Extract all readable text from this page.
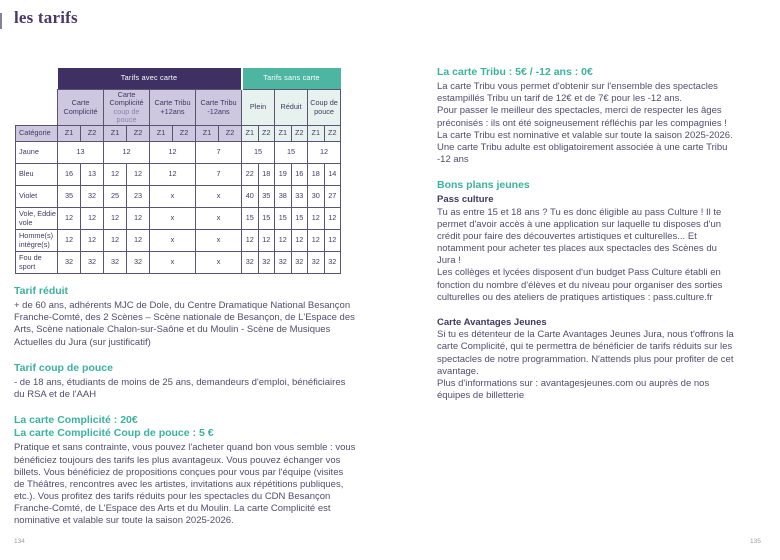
les tarifs
	Tarifs avec carte								Tarifs sans carte					
	Carte Complicité		Carte Complicité
coup de pouce		Carte Tribu +12ans		Carte Tribu -12ans		Plein		Réduit		Coup de pouce	
Catégorie	Z1	Z2	Z1	Z2	Z1	Z2	Z1	Z2	Z1	Z2	Z1	Z2	Z1	Z2
Jaune	13		12		12		7		15		15		12	
Bleu	16	13	12	12	12		7		22	18	19	16	18	14
Violet	35	32	25	23	x		x		40	35	38	33	30	27
Vole, Eddie vole	12	12	12	12	x		x		15	15	15	15	12	12
Homme(s) intègre(s)	12	12	12	12	x		x		12	12	12	12	12	12
Fou de sport	32	32	32	32	x		x		32	32	32	32	32	32
Tarif réduit

+ de 60 ans, adhérents MJC de Dole, du Centre Dramatique National Besançon Franche-Comté, des 2 Scènes – Scène nationale de Besançon, de L'Espace des Arts, Scène nationale Chalon-sur-Saône et du Moulin - Scène de Musiques Actuelles du Jura (sur justificatif)

Tarif coup de pouce

- de 18 ans, étudiants de moins de 25 ans, demandeurs d'emploi, bénéficiaires du RSA et de l'AAH

La carte Complicité : 20€
La carte Complicité Coup de pouce : 5 €

Pratique et sans contrainte, vous pouvez l'acheter quand bon vous semble : vous bénéficiez toujours des tarifs les plus avantageux. Vous pouvez échanger vos billets. Vous bénéficiez de propositions conçues pour vous par l'équipe (visites de Théâtres, rencontres avec les artistes, invitations aux répétitions publiques, etc.). Vous profitez des tarifs réduits pour les spectacles du CDN Besançon Franche-Comté, de L'Espace des Arts et du Moulin. La carte Complicité est nominative et valable sur toute la saison 2025-2026.

La carte Tribu : 5€ / -12 ans : 0€

La carte Tribu vous permet d'obtenir sur l'ensemble des spectacles estampillés Tribu un tarif de 12€ et de 7€ pour les -12 ans.

Pour passer le meilleur des spectacles, merci de respecter les âges préconisés : ils ont été soigneusement réfléchis par les compagnies !

La carte Tribu est nominative et valable sur toute la saison 2025-2026. Une carte Tribu adulte est obligatoirement associée à une carte Tribu -12 ans

Bons plans jeunes
Pass culture

Tu as entre 15 et 18 ans ? Tu es donc éligible au pass Culture ! Il te permet d'avoir accès à une application sur laquelle tu disposes d'un crédit pour faire des découvertes artistiques et culturelles... Et notamment pour acheter tes places aux spectacles des Scènes du Jura !

Les collèges et lycées disposent d'un budget Pass Culture établi en fonction du nombre d'élèves et du niveau pour organiser des sorties culturelles ou des ateliers de pratiques artistiques : pass.culture.fr

Carte Avantages Jeunes

Si tu es détenteur de la Carte Avantages Jeunes Jura, nous t'offrons la carte Complicité, qui te permettra de bénéficier de tarifs réduits sur les spectacles de notre programmation. N'attends plus pour profiter de cet avantage.

Plus d'informations sur : avantagesjeunes.com ou auprès de nos équipes de billetterie

134	135
